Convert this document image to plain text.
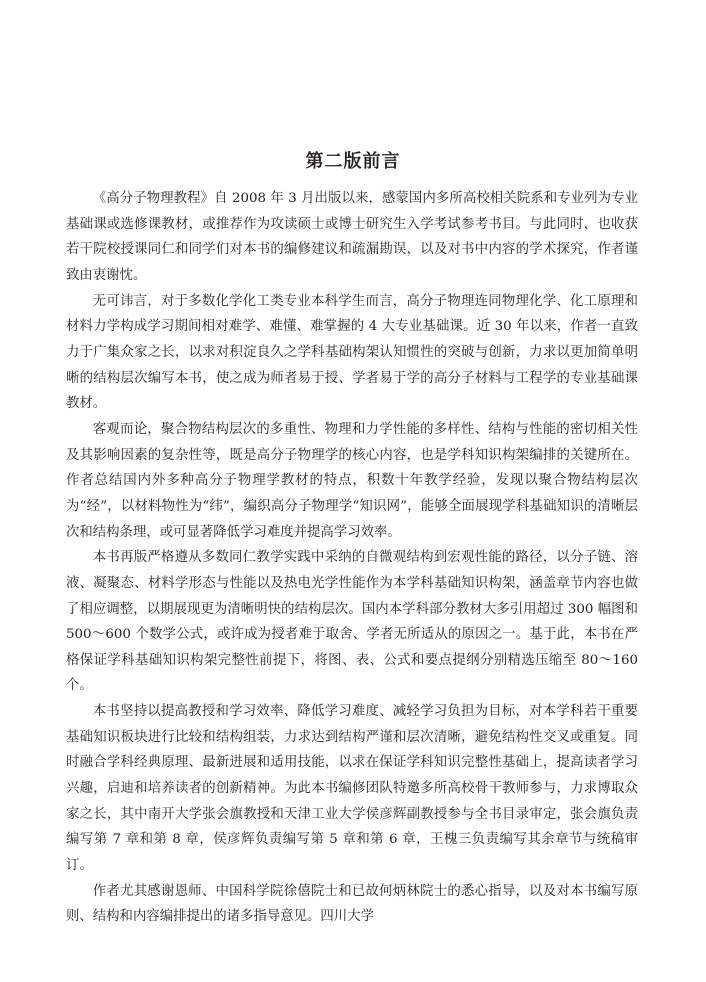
第二版前言

《高分子物理教程》自 2008 年 3 月出版以来，感蒙国内多所高校相关院系和专业列为专业基础课或选修课教材，或推荐作为攻读硕士或博士研究生入学考试参考书目。与此同时，也收获若干院校授课同仁和同学们对本书的编修建议和疏漏勘误，以及对书中内容的学术探究，作者谨致由衷谢忱。

无可讳言，对于多数化学化工类专业本科学生而言，高分子物理连同物理化学、化工原理和材料力学构成学习期间相对难学、难懂、难掌握的 4 大专业基础课。近 30 年以来，作者一直致力于广集众家之长，以求对积淀良久之学科基础构架认知惯性的突破与创新，力求以更加简单明晰的结构层次编写本书，使之成为师者易于授、学者易于学的高分子材料与工程学的专业基础课教材。

客观而论，聚合物结构层次的多重性、物理和力学性能的多样性、结构与性能的密切相关性及其影响因素的复杂性等，既是高分子物理学的核心内容，也是学科知识构架编排的关键所在。作者总结国内外多种高分子物理学教材的特点，积数十年教学经验，发现以聚合物结构层次为“经”，以材料物性为“纬”，编织高分子物理学“知识网”，能够全面展现学科基础知识的清晰层次和结构条理，或可显著降低学习难度并提高学习效率。

本书再版严格遵从多数同仁教学实践中采纳的自微观结构到宏观性能的路径，以分子链、溶液、凝聚态、材料学形态与性能以及热电光学性能作为本学科基础知识构架，涵盖章节内容也做了相应调整，以期展现更为清晰明快的结构层次。国内本学科部分教材大多引用超过 300 幅图和 500～600 个数学公式，或许成为授者难于取舍、学者无所适从的原因之一。基于此，本书在严格保证学科基础知识构架完整性前提下，将图、表、公式和要点提纲分别精选压缩至 80～160 个。

本书坚持以提高教授和学习效率、降低学习难度、减轻学习负担为目标，对本学科若干重要基础知识板块进行比较和结构组装，力求达到结构严谨和层次清晰，避免结构性交叉或重复。同时融合学科经典原理、最新进展和适用技能，以求在保证学科知识完整性基础上，提高读者学习兴趣，启迪和培养读者的创新精神。为此本书编修团队特邀多所高校骨干教师参与，力求博取众家之长，其中南开大学张会旗教授和天津工业大学侯彦辉副教授参与全书目录审定，张会旗负责编写第 7 章和第 8 章，侯彦辉负责编写第 5 章和第 6 章，王槐三负责编写其余章节与统稿审订。

作者尤其感谢恩师、中国科学院徐僖院士和已故何炳林院士的悉心指导，以及对本书编写原则、结构和内容编排提出的诸多指导意见。四川大学
